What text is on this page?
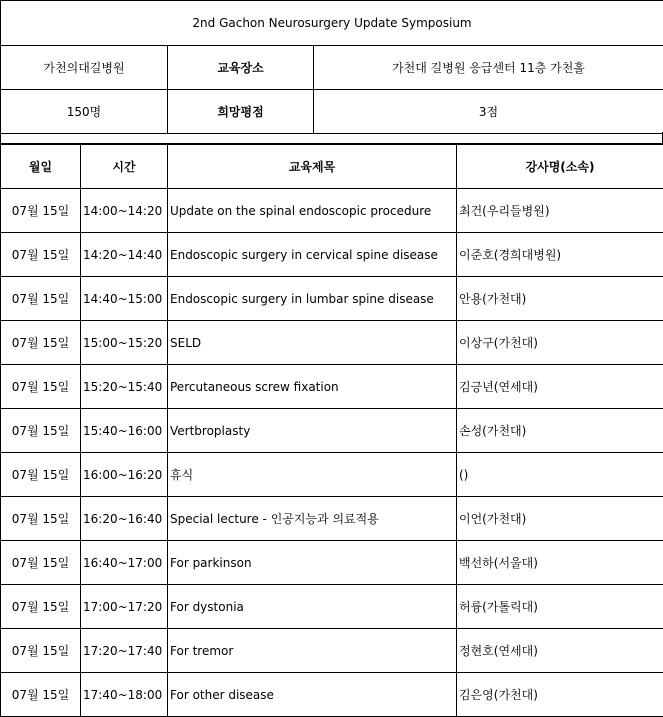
2nd Gachon Neurosurgery Update Symposium		
가천의대길병원	교육장소	가천대 길병원 응급센터 11층 가천홀
150명	희망평점	3점
월일	시간	교육제목	강사명(소속)
07월 15일	14:00~14:20	Update on the spinal endoscopic procedure	최건(우리들병원)
07월 15일	14:20~14:40	Endoscopic surgery in cervical spine disease	이준호(경희대병원)
07월 15일	14:40~15:00	Endoscopic surgery in lumbar spine disease	안용(가천대)
07월 15일	15:00~15:20	SELD	이상구(가천대)
07월 15일	15:20~15:40	Percutaneous screw fixation	김긍년(연세대)
07월 15일	15:40~16:00	Vertbroplasty	손성(가천대)
07월 15일	16:00~16:20	휴식	()
07월 15일	16:20~16:40	Special lecture - 인공지능과 의료적용	이언(가천대)
07월 15일	16:40~17:00	For parkinson	백선하(서울대)
07월 15일	17:00~17:20	For dystonia	허륭(가톨릭대)
07월 15일	17:20~17:40	For tremor	정현호(연세대)
07월 15일	17:40~18:00	For other disease	김은영(가천대)
